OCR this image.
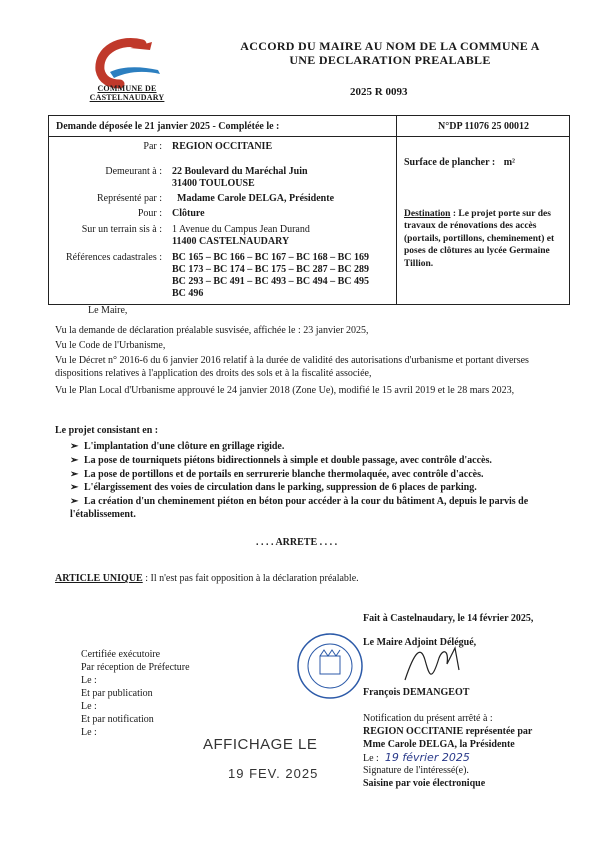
COMMUNE DE
CASTELNAUDARY
ACCORD DU MAIRE AU NOM DE LA COMMUNE A
UNE DECLARATION PREALABLE
2025 R 0093
Demande déposée le 21 janvier 2025 - Complétée le :	N°DP 11076 25 00012
Par : REGION OCCITANIE
Demeurant à : 22 Boulevard du Maréchal Juin
31400 TOULOUSE
Représenté par : Madame Carole DELGA, Présidente
Pour : Clôture
Sur un terrain sis à : 1 Avenue du Campus Jean Durand
11400 CASTELNAUDARY
Références cadastrales : BC 165 – BC 166 – BC 167 – BC 168 – BC 169
BC 173 – BC 174 – BC 175 – BC 287 – BC 289
BC 293 – BC 491 – BC 493 – BC 494 – BC 495
BC 496
Surface de plancher : m²
Destination : Le projet porte sur des travaux de rénovations des accès (portails, portillons, cheminement) et poses de clôtures au lycée Germaine Tillion.
Le Maire,
Vu la demande de déclaration préalable susvisée, affichée le : 23 janvier 2025,
Vu le Code de l'Urbanisme,
Vu le Décret n° 2016-6 du 6 janvier 2016 relatif à la durée de validité des autorisations d'urbanisme et portant diverses dispositions relatives à l'application des droits des sols et à la fiscalité associée,
Vu le Plan Local d'Urbanisme approuvé le 24 janvier 2018 (Zone Ue), modifié le 15 avril 2019 et le 28 mars 2023,
Le projet consistant en :
➢ L'implantation d'une clôture en grillage rigide.
➢ La pose de tourniquets piétons bidirectionnels à simple et double passage, avec contrôle d'accès.
➢ La pose de portillons et de portails en serrurerie blanche thermolaquée, avec contrôle d'accès.
➢ L'élargissement des voies de circulation dans le parking, suppression de 6 places de parking.
➢ La création d'un cheminement piéton en béton pour accéder à la cour du bâtiment A, depuis le parvis de l'établissement.
. . . . ARRETE . . . .
ARTICLE UNIQUE : Il n'est pas fait opposition à la déclaration préalable.
Fait à Castelnaudary, le 14 février 2025,
Le Maire Adjoint Délégué,
François DEMANGEOT
Certifiée exécutoire
Par réception de Préfecture
Le :
Et par publication
Le :
Et par notification
Le :
AFFICHAGE LE
19 FEV. 2025
Notification du présent arrêté à :
REGION OCCITANIE représentée par
Mme Carole DELGA, la Présidente
Le : 19 février 2025
Signature de l'intéressé(e).
Saisine par voie électronique
